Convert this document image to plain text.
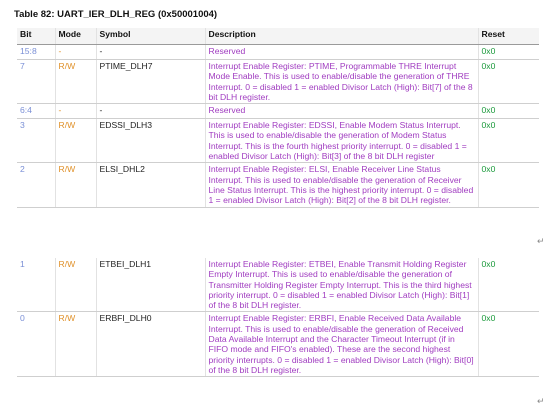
Table 82: UART_IER_DLH_REG (0x50001004)
Bit	Mode	Symbol	Description	Reset
15:8	-	-	Reserved	0x0
7	R/W	PTIME_DLH7	Interrupt Enable Register: PTIME, Programmable THRE Interrupt Mode Enable. This is used to enable/disable the generation of THRE Interrupt. 0 = disabled 1 = enabled Divisor Latch (High): Bit[7] of the 8 bit DLH register.	0x0
6:4	-	-	Reserved	0x0
3	R/W	EDSSI_DLH3	Interrupt Enable Register: EDSSI, Enable Modem Status Interrupt. This is used to enable/disable the generation of Modem Status Interrupt. This is the fourth highest priority interrupt. 0 = disabled 1 = enabled Divisor Latch (High): Bit[3] of the 8 bit DLH register	0x0
2	R/W	ELSI_DHL2	Interrupt Enable Register: ELSI, Enable Receiver Line Status Interrupt. This is used to enable/disable the generation of Receiver Line Status Interrupt. This is the highest priority interrupt. 0 = disabled 1 = enabled Divisor Latch (High): Bit[2] of the 8 bit DLH register.	0x0
↵
1	R/W	ETBEI_DLH1	Interrupt Enable Register: ETBEI, Enable Transmit Holding Register Empty Interrupt. This is used to enable/disable the generation of Transmitter Holding Register Empty Interrupt. This is the third highest priority interrupt. 0 = disabled 1 = enabled Divisor Latch (High): Bit[1] of the 8 bit DLH register.	0x0
0	R/W	ERBFI_DLH0	Interrupt Enable Register: ERBFI, Enable Received Data Available Interrupt. This is used to enable/disable the generation of Received Data Available Interrupt and the Character Timeout Interrupt (if in FIFO mode and FIFO's enabled). These are the second highest priority interrupts. 0 = disabled 1 = enabled Divisor Latch (High): Bit[0] of the 8 bit DLH register.	0x0
↵
